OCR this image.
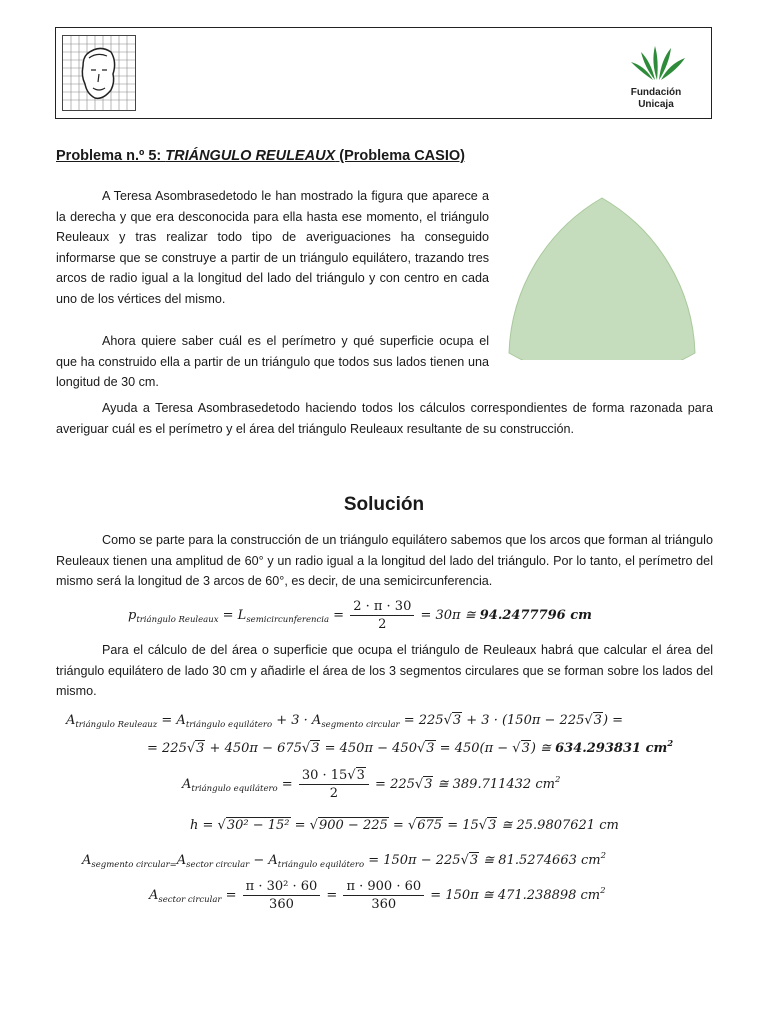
Fundación
Unicaja
Problema n.º 5: TRIÁNGULO REULEAUX (Problema CASIO)
A Teresa Asombrasedetodo le han mostrado la figura que aparece a la derecha y que era desconocida para ella hasta ese momento, el triángulo Reuleaux y tras realizar todo tipo de averiguaciones ha conseguido informarse que se construye a partir de un triángulo equilátero, trazando tres arcos de radio igual a la longitud del lado del triángulo y con centro en cada uno de los vértices del mismo.
Ahora quiere saber cuál es el perímetro y qué superficie ocupa el que ha construido ella a partir de un triángulo que todos sus lados tienen una longitud de 30 cm.
Ayuda a Teresa Asombrasedetodo haciendo todos los cálculos correspondientes de forma razonada para averiguar cuál es el perímetro y el área del triángulo Reuleaux resultante de su construcción.
Solución
Como se parte para la construcción de un triángulo equilátero sabemos que los arcos que forman al triángulo Reuleaux tienen una amplitud de 60° y un radio igual a la longitud del lado del triángulo. Por lo tanto, el perímetro del mismo será la longitud de 3 arcos de 60°, es decir, de una semicircunferencia.
$p_{triángulo Reuleaux} = L_{semicircunferencia} = \frac{2 \cdot \pi \cdot 30}{2} = 30\pi$ ≅ 94.2477796 cm
Para el cálculo de del área o superficie que ocupa el triángulo de Reuleaux habrá que calcular el área del triángulo equilátero de lado 30 cm y añadirle el área de los 3 segmentos circulares que se forman sobre los lados del mismo.
$A_{triángulo Reuleauz} = A_{triángulo equilátero} + 3 \cdot A_{segmento circular} = 225√3 + 3 \cdot (150\pi - 225√3)$ =
= 225√3 + 450π − 675√3 = 450π − 450√3 = 450(π − √3) ≅ 634.293831 $cm^2$
$A_{triángulo equilátero} = \frac{30 \cdot 15√3}{2} = 225√3$ ≅ 389.711432 $cm^2$
h = √30² − 15² = √900 − 225 = √675 = 15√3 ≅ 25.9807621 cm
$A_{segmento circular=}A_{sector circular} - A_{triángulo equilátero} = 150\pi - 225√3$ ≅ 81.5274663 $cm^2$
$A_{sector circular} = \frac{\text{π · 30² · 60}}{360} = \frac{\pi \cdot 900 \cdot 60}{360} = 150\pi$ ≅ 471.238898 $cm^2$
